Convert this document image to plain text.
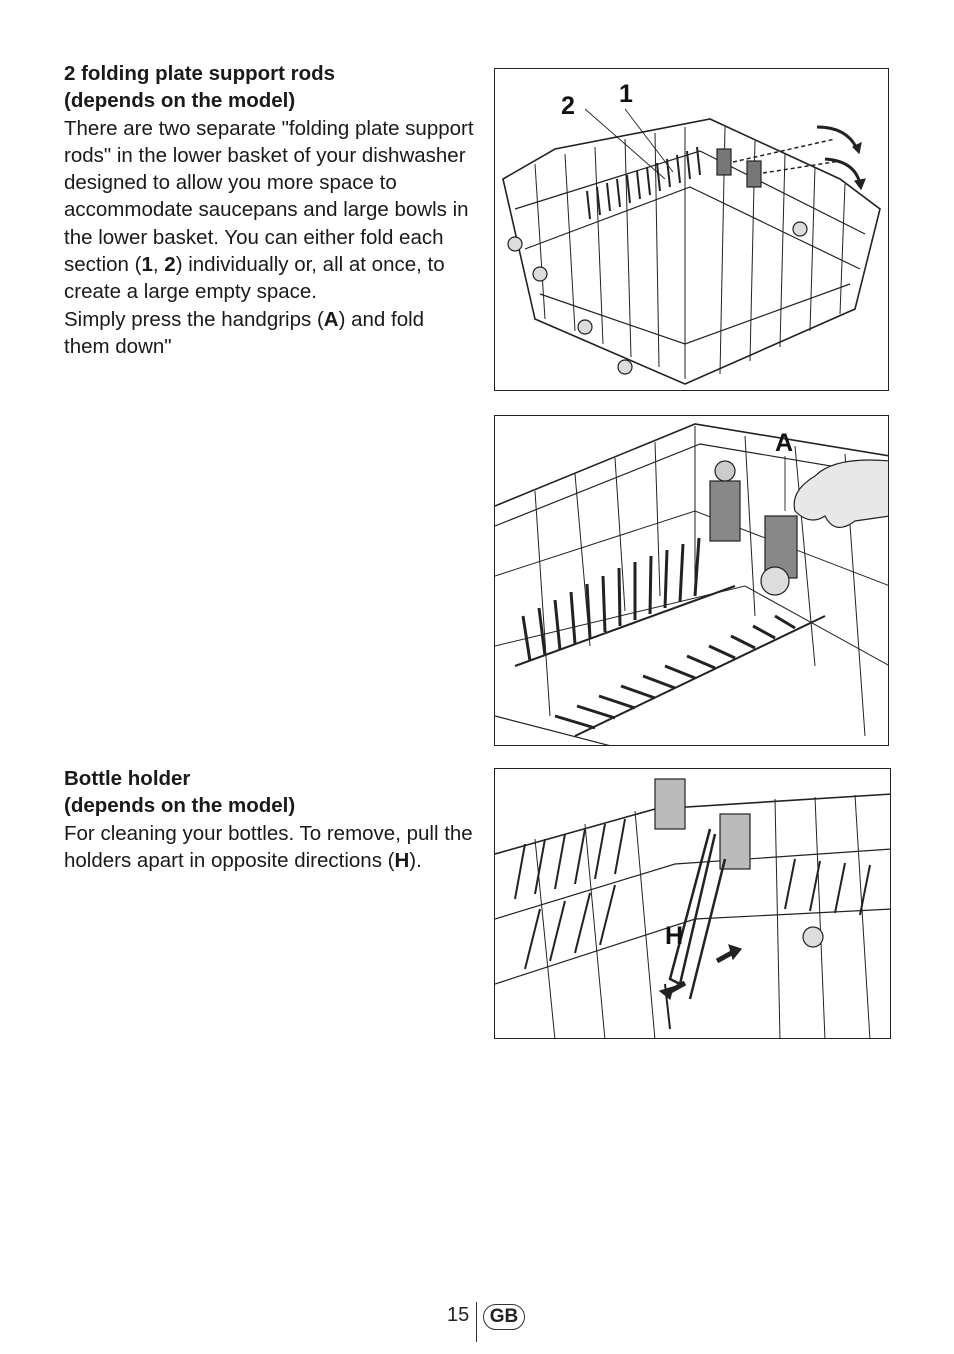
2 folding plate support rods
(depends on the model)
There are two separate "folding plate support rods" in the lower basket of your dishwasher designed to allow you more space to accommodate saucepans and large bowls in the lower basket. You can either fold each section (1, 2) individually or, all at once, to create a large empty space.
Simply press the handgrips (A) and fold them down"
Bottle holder
(depends on the model)
For cleaning your bottles. To remove, pull the holders apart in opposite directions (H).
2 1
A
H
15	GB
